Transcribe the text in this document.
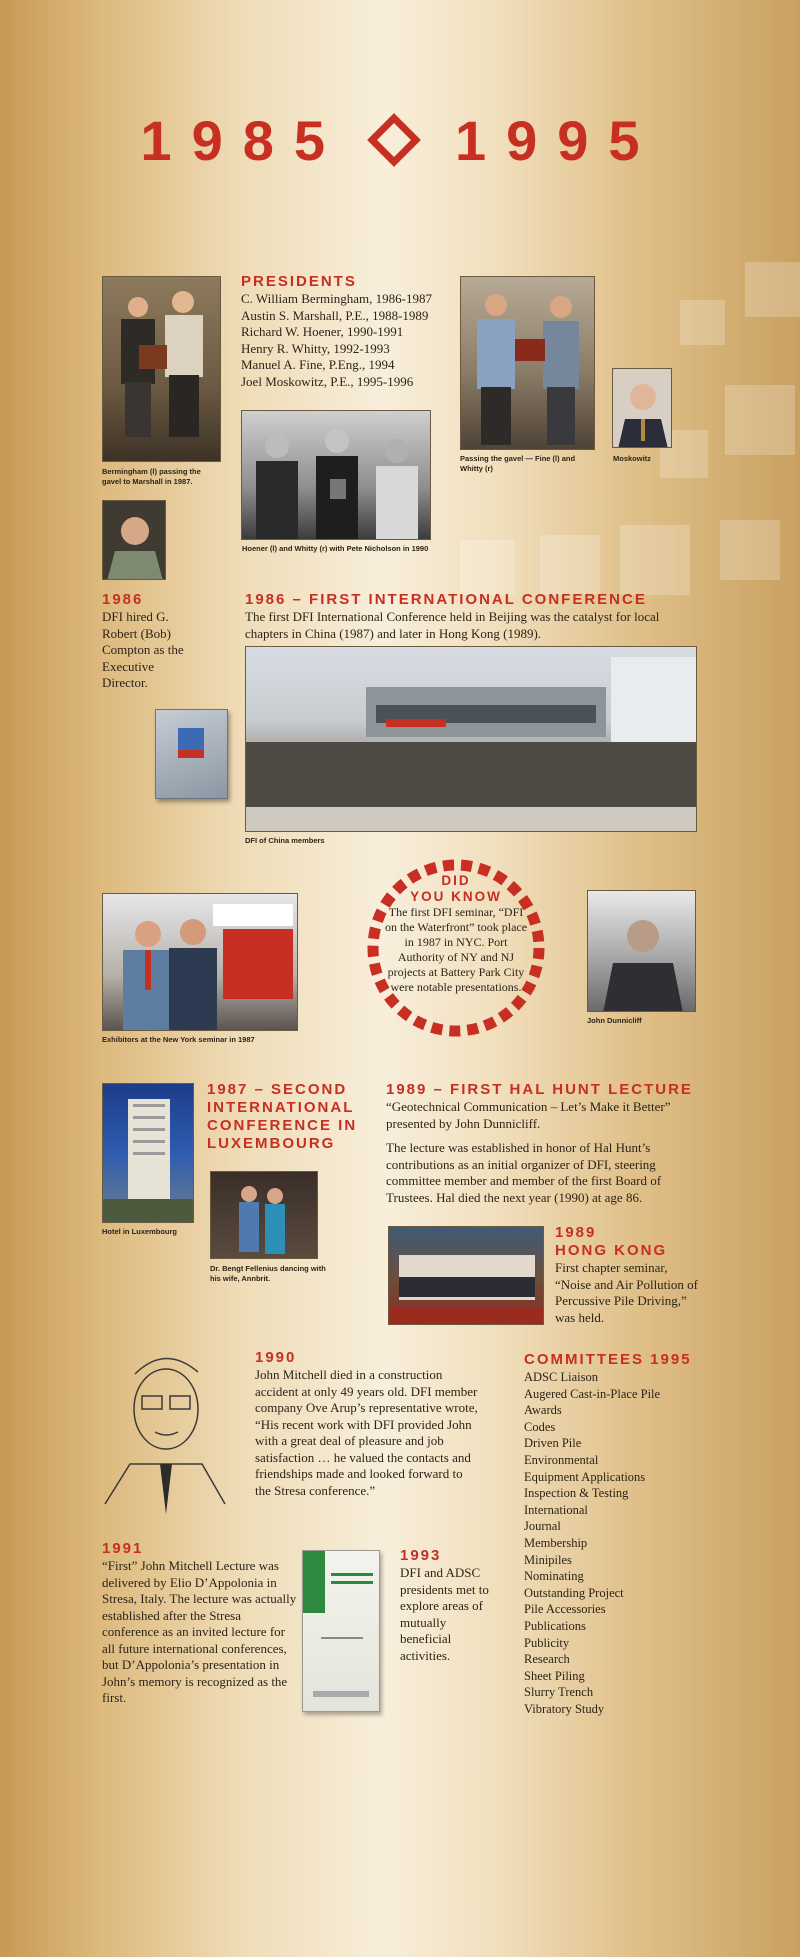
1985 1995
Bermingham (l) passing the gavel to Marshall in 1987.

PRESIDENTS

C. William Bermingham, 1986-1987

Austin S. Marshall, P.E., 1988-1989

Richard W. Hoener, 1990-1991

Henry R. Whitty, 1992-1993

Manuel A. Fine, P.Eng., 1994

Joel Moskowitz, P.E., 1995-1996

Passing the gavel — Fine (l) and Whitty (r)
Moskowitz
Hoener (l) and Whitty (r) with Pete Nicholson in 1990

1986

DFI hired G. Robert (Bob) Compton as the Executive Director.

1986 – FIRST INTERNATIONAL CONFERENCE

The first DFI International Conference held in Beijing was the catalyst for local chapters in China (1987) and later in Hong Kong (1989).

DFI of China members
Exhibitors at the New York seminar in 1987

DID

YOU KNOW

The first DFI seminar, “DFI on the Waterfront” took place in 1987 in NYC. Port Authority of NY and NJ projects at Battery Park City were notable presentations.

John Dunnicliff
Hotel in Luxembourg

1987 – SECOND INTERNATIONAL CONFERENCE IN LUXEMBOURG

Dr. Bengt Fellenius dancing with his wife, Annbrit.

1989 – FIRST HAL HUNT LECTURE

“Geotechnical Communication – Let’s Make it Better” presented by John Dunnicliff.

The lecture was established in honor of Hal Hunt’s contributions as an initial organizer of DFI, steering committee member and member of the first Board of Trustees. Hal died the next year (1990) at age 86.

1989

HONG KONG

First chapter seminar, “Noise and Air Pollution of Percussive Pile Driving,” was held.

1990

John Mitchell died in a construction accident at only 49 years old. DFI member company Ove Arup’s representative wrote, “His recent work with DFI provided John with a great deal of pleasure and job satisfaction … he valued the contacts and friendships made and looked forward to the Stresa conference.”

COMMITTEES 1995

ADSC Liaison

Augered Cast-in-Place Pile

Awards

Codes

Driven Pile

Environmental

Equipment Applications

Inspection & Testing

International

Journal

Membership

Minipiles

Nominating

Outstanding Project

Pile Accessories

Publications

Publicity

Research

Sheet Piling

Slurry Trench

Vibratory Study

1991

“First” John Mitchell Lecture was delivered by Elio D’Appolonia in Stresa, Italy. The lecture was actually established after the Stresa conference as an invited lecture for all future international conferences, but D’Appolonia’s presentation in John’s memory is recognized as the first.

1993

DFI and ADSC presidents met to explore areas of mutually beneficial activities.
